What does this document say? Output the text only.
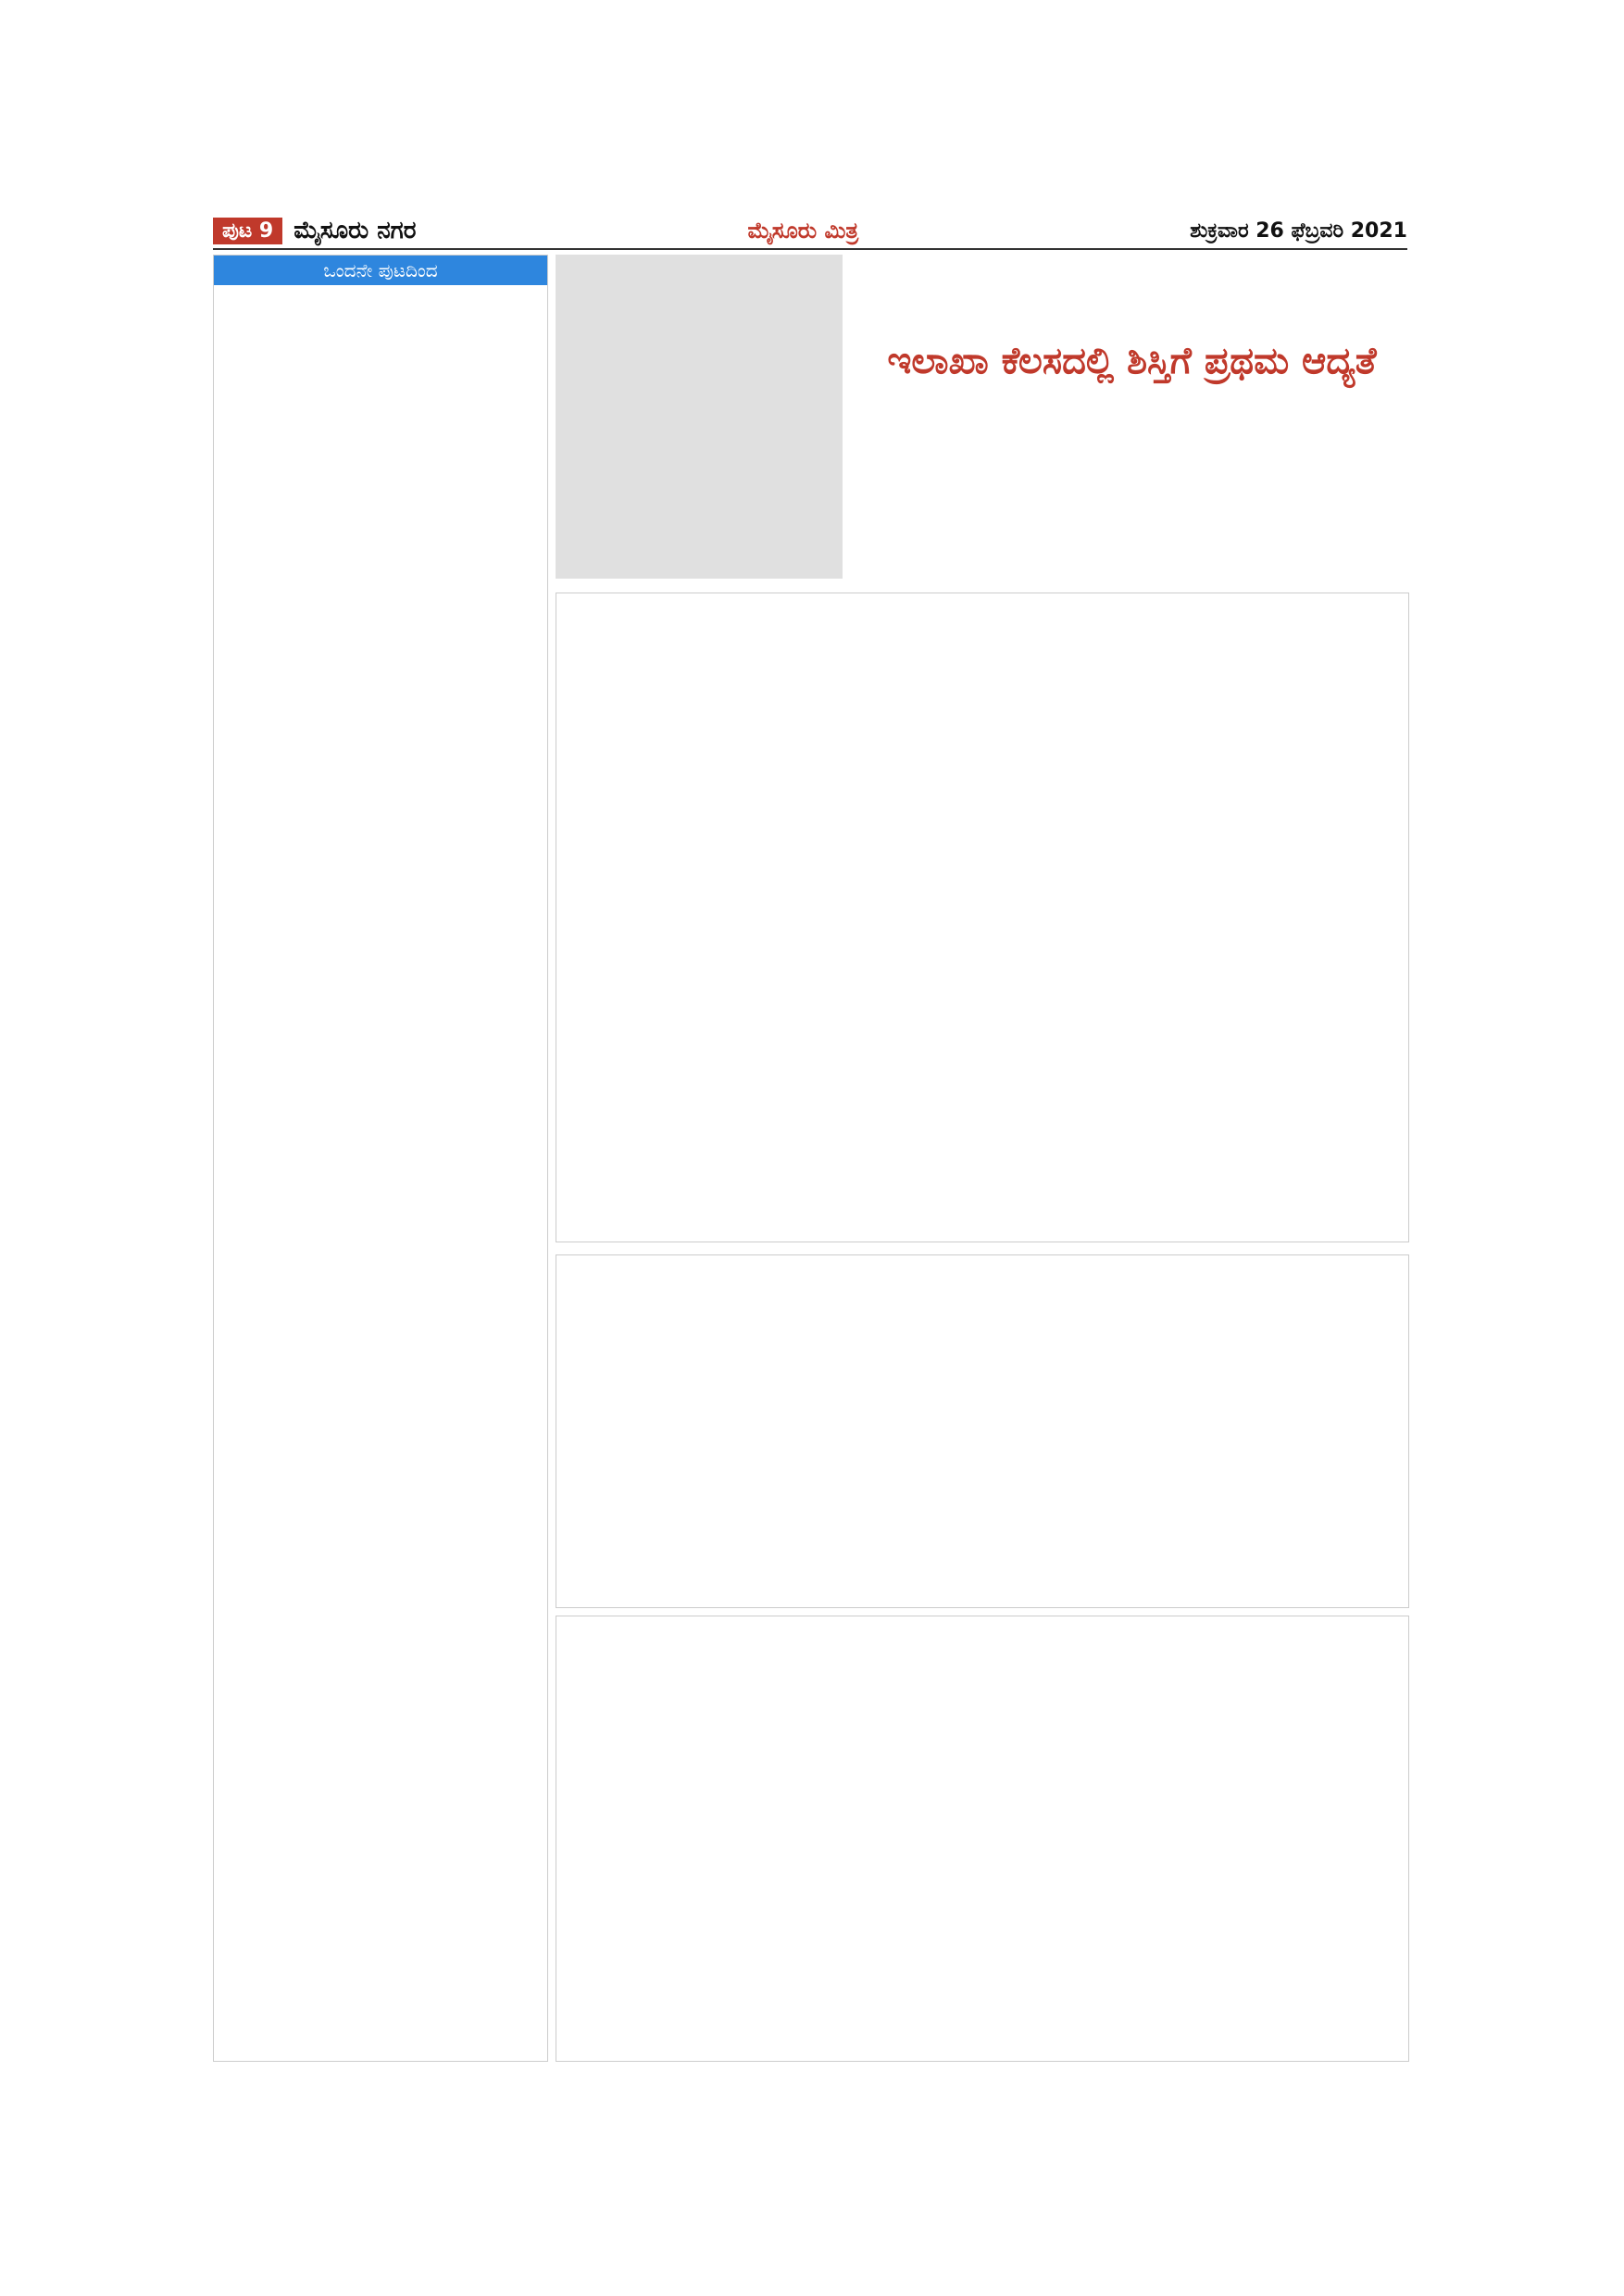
ಪುಟ 9 ಮೈಸೂರು ನಗರ	ಮೈಸೂರು ಮಿತ್ರ	ಶುಕ್ರವಾರ 26 ಫೆಬ್ರವರಿ 2021
ಒಂದನೇ ಪುಟದಿಂದ
ಇಲಾಖಾ ಕೆಲಸದಲ್ಲಿ ಶಿಸ್ತಿಗೆ ಪ್ರಥಮ ಆದ್ಯತೆ
